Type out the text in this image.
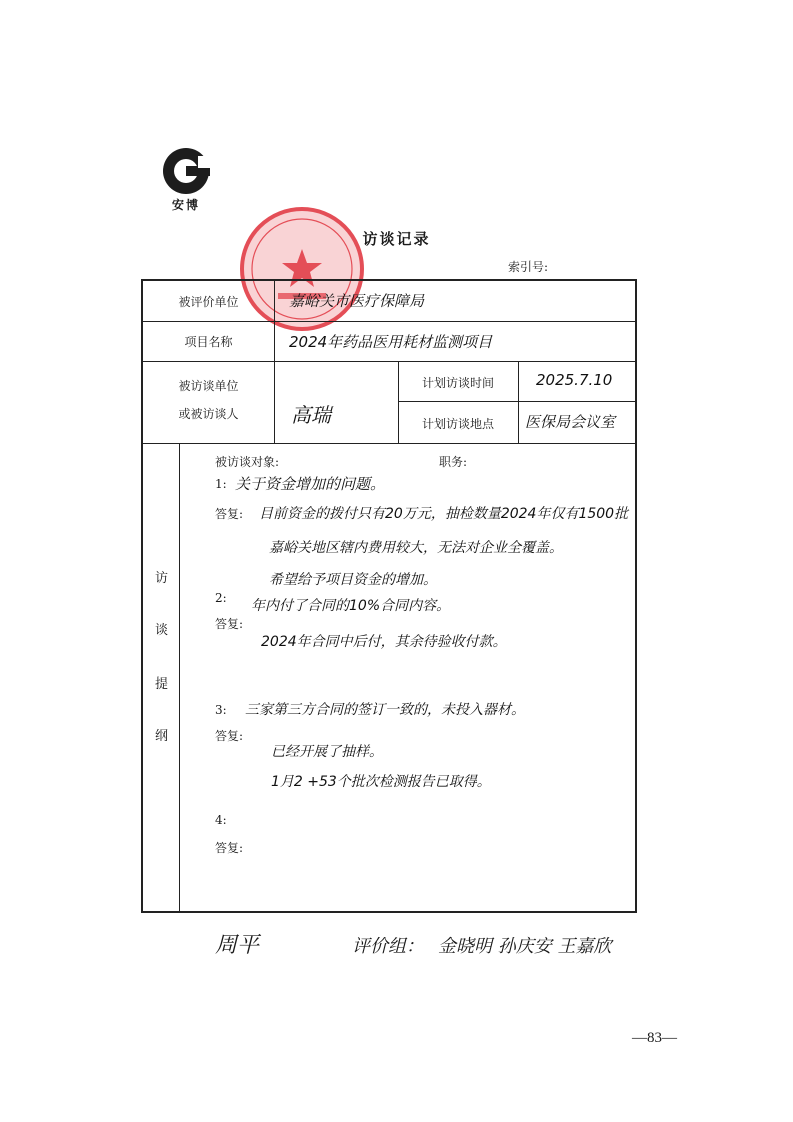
安博
访谈记录
索引号:
被评价单位	嘉峪关市医疗保障局
项目名称	2024年药品医用耗材监测项目
被访谈单位
或被访谈人	高瑞
计划访谈时间	2025.7.10
计划访谈地点	医保局会议室
访
谈
提
纲
被访谈对象:	职务:
1: 关于资金增加的问题。
答复: 目前资金的拨付只有20万元，抽检数量2024年仅有1500批
嘉峪关地区辖内费用较大，无法对企业全覆盖。
希望给予项目资金的增加。
2: 年内付了合同的10%合同内容。
答复:
2024年合同中后付，其余待验收付款。
3: 三家第三方合同的签订一致的，未投入器材。
答复:
已经开展了抽样。
1月2 +53个批次检测报告已取得。
4:
答复:
周平	评价组： 金晓明 孙庆安 王嘉欣
—83—
